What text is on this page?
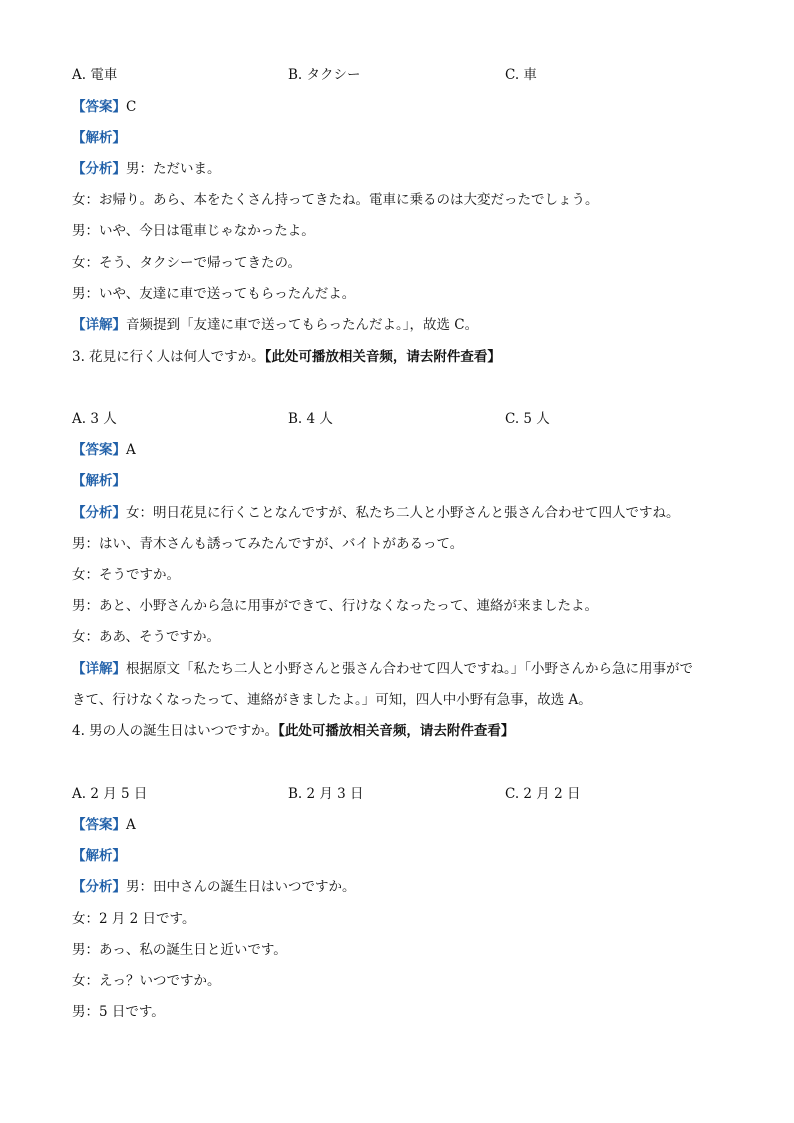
A. 電車	B. タクシー	C. 車
【答案】C
【解析】
【分析】男：ただいま。
女：お帰り。あら、本をたくさん持ってきたね。電車に乗るのは大変だったでしょう。
男：いや、今日は電車じゃなかったよ。
女：そう、タクシーで帰ってきたの。
男：いや、友達に車で送ってもらったんだよ。
【详解】音频提到「友達に車で送ってもらったんだよ。」，故选 C。
3. 花見に行く人は何人ですか。【此处可播放相关音频，请去附件查看】
A. 3 人	B. 4 人	C. 5 人
【答案】A
【解析】
【分析】女：明日花見に行くことなんですが、私たち二人と小野さんと張さん合わせて四人ですね。
男：はい、青木さんも誘ってみたんですが、バイトがあるって。
女：そうですか。
男：あと、小野さんから急に用事ができて、行けなくなったって、連絡が来ましたよ。
女：ああ、そうですか。
【详解】根据原文「私たち二人と小野さんと張さん合わせて四人ですね。」「小野さんから急に用事がで
きて、行けなくなったって、連絡がきましたよ。」可知，四人中小野有急事，故选 A。
4. 男の人の誕生日はいつですか。【此处可播放相关音频，请去附件查看】
A. 2 月 5 日	B. 2 月 3 日	C. 2 月 2 日
【答案】A
【解析】
【分析】男：田中さんの誕生日はいつですか。
女：2 月 2 日です。
男：あっ、私の誕生日と近いです。
女：えっ？いつですか。
男：5 日です。
